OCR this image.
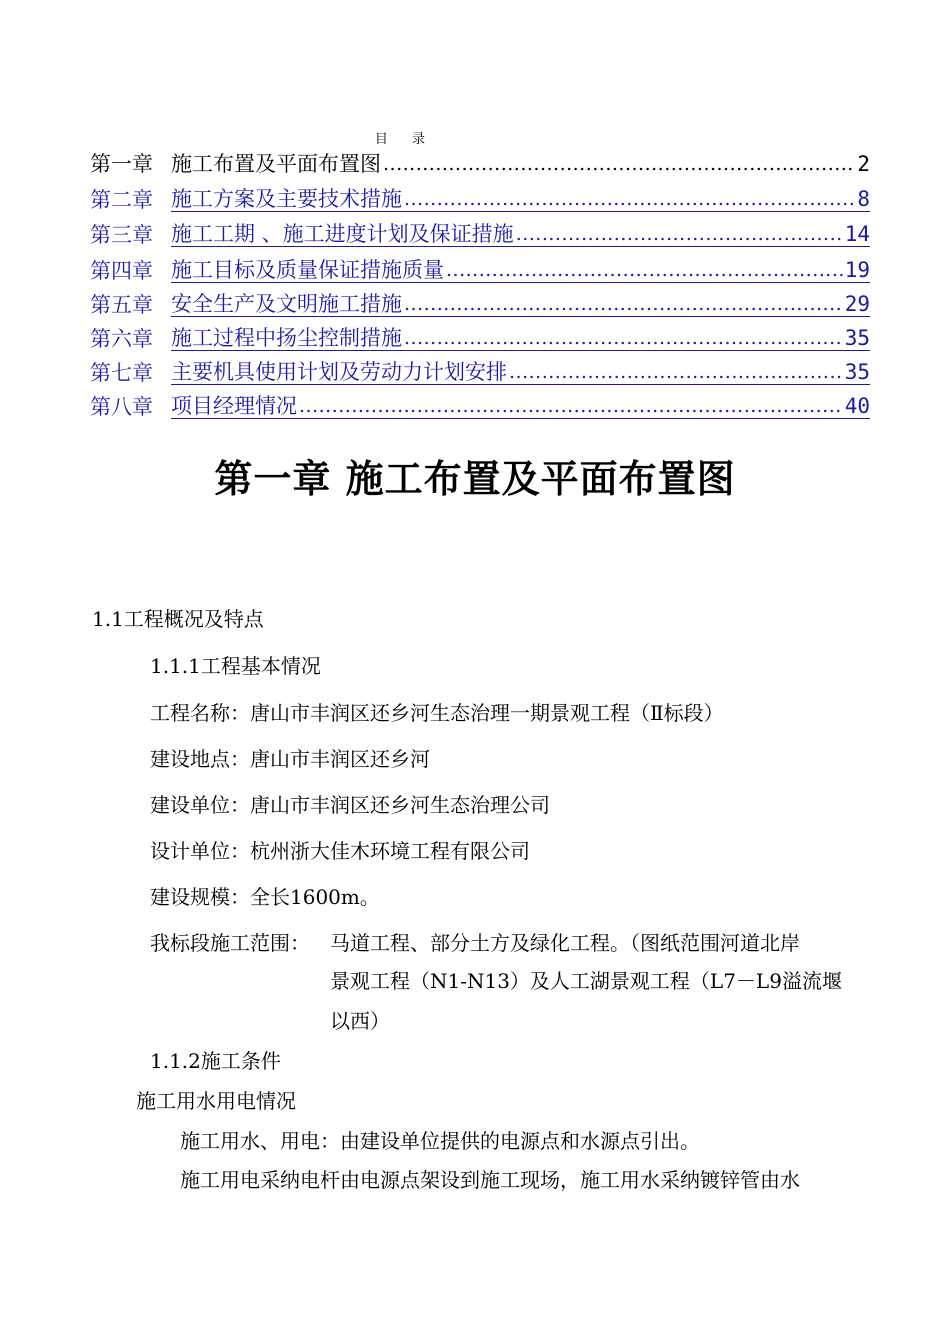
目 录
第一章 施工布置及平面布置图 .....	2
第二章 施工方案及主要技术措施 .....	8
第三章 施工工期 、施工进度计划及保证措施 .....	14
第四章 施工目标及质量保证措施质量 .....	19
第五章 安全生产及文明施工措施 .....	29
第六章 施工过程中扬尘控制措施 .....	35
第七章 主要机具使用计划及劳动力计划安排 .....	35
第八章 项目经理情况 .....	40
第一章 施工布置及平面布置图
1.1工程概况及特点
1.1.1工程基本情况
工程名称：唐山市丰润区还乡河生态治理一期景观工程（Ⅱ标段）
建设地点：唐山市丰润区还乡河
建设单位：唐山市丰润区还乡河生态治理公司
设计单位：杭州浙大佳木环境工程有限公司
建设规模：全长1600m。
我标段施工范围： 马道工程、部分土方及绿化工程。（图纸范围河道北岸
景观工程（N1-N13）及人工湖景观工程（L7－L9溢流堰
以西）
1.1.2施工条件
施工用水用电情况
施工用水、用电：由建设单位提供的电源点和水源点引出。
施工用电采纳电杆由电源点架设到施工现场，施工用水采纳镀锌管由水
